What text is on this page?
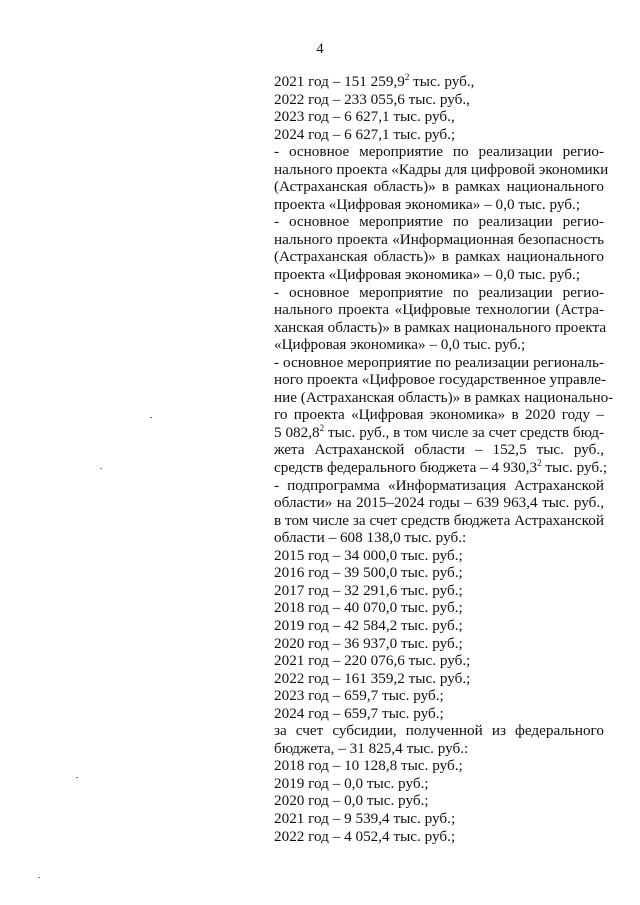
4
2021 год – 151 259,9$^2$ тыс. руб.,
2022 год – 233 055,6 тыс. руб.,
2023 год – 6 627,1 тыс. руб.,
2024 год – 6 627,1 тыс. руб.;
- основное мероприятие по реализации регио-
нального проекта «Кадры для цифровой экономики
(Астраханская область)» в рамках национального
проекта «Цифровая экономика» – 0,0 тыс. руб.;
- основное мероприятие по реализации регио-
нального проекта «Информационная безопасность
(Астраханская область)» в рамках национального
проекта «Цифровая экономика» – 0,0 тыс. руб.;
- основное мероприятие по реализации регио-
нального проекта «Цифровые технологии (Астра-
ханская область)» в рамках национального проекта
«Цифровая экономика» – 0,0 тыс. руб.;
- основное мероприятие по реализации региональ-
ного проекта «Цифровое государственное управле-
ние (Астраханская область)» в рамках национально-
го проекта «Цифровая экономика» в 2020 году –
5 082,8$^2$ тыс. руб., в том числе за счет средств бюд-
жета Астраханской области – 152,5 тыс. руб.,
средств федерального бюджета – 4 930,3$^2$ тыс. руб.;
- подпрограмма «Информатизация Астраханской
области» на 2015–2024 годы – 639 963,4 тыс. руб.,
в том числе за счет средств бюджета Астраханской
области – 608 138,0 тыс. руб.:
2015 год – 34 000,0 тыс. руб.;
2016 год – 39 500,0 тыс. руб.;
2017 год – 32 291,6 тыс. руб.;
2018 год – 40 070,0 тыс. руб.;
2019 год – 42 584,2 тыс. руб.;
2020 год – 36 937,0 тыс. руб.;
2021 год – 220 076,6 тыс. руб.;
2022 год – 161 359,2 тыс. руб.;
2023 год – 659,7 тыс. руб.;
2024 год – 659,7 тыс. руб.;
за счет субсидии, полученной из федерального
бюджета, – 31 825,4 тыс. руб.:
2018 год – 10 128,8 тыс. руб.;
2019 год – 0,0 тыс. руб.;
2020 год – 0,0 тыс. руб.;
2021 год – 9 539,4 тыс. руб.;
2022 год – 4 052,4 тыс. руб.;
